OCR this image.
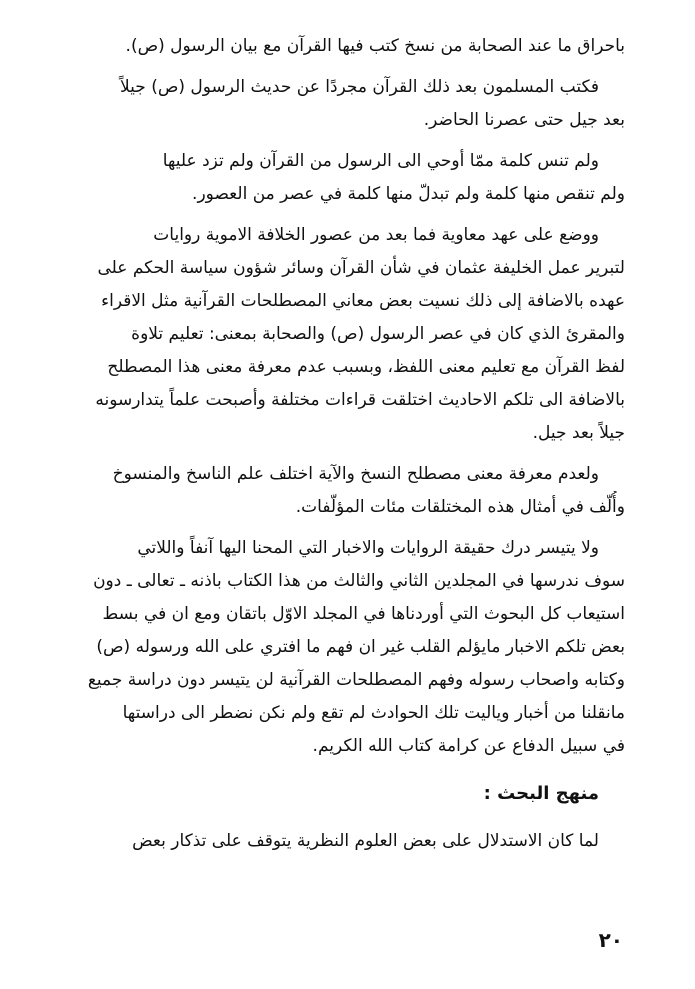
باحراق ما عند الصحابة من نسخ كتب فيها القرآن مع بيان الرسول (ص).
فكتب المسلمون بعد ذلك القرآن مجردًا عن حديث الرسول (ص) جيلاً
بعد جيل حتى عصرنا الحاضر.
ولم تنس كلمة ممّا أوحي الى الرسول من القرآن ولم تزد عليها
ولم تنقص منها كلمة ولم تبدلّ منها كلمة في عصر من العصور.
ووضع على عهد معاوية فما بعد من عصور الخلافة الاموية روايات
لتبرير عمل الخليفة عثمان في شأن القرآن وسائر شؤون سياسة الحكم على
عهده بالاضافة إلى ذلك نسيت بعض معاني المصطلحات القرآنية مثل الاقراء
والمقرئ الذي كان في عصر الرسول (ص) والصحابة بمعنى: تعليم تلاوة
لفظ القرآن مع تعليم معنى اللفظ، وبسبب عدم معرفة معنى هذا المصطلح
بالاضافة الى تلكم الاحاديث اختلقت قراءات مختلفة وأصبحت علماً يتدارسونه
جيلاً بعد جيل.
ولعدم معرفة معنى مصطلح النسخ والآية اختلف علم الناسخ والمنسوخ
وأُلّف في أمثال هذه المختلقات مئات المؤلّفات.
ولا يتيسر درك حقيقة الروايات والاخبار التي المحنا اليها آنفاً واللاتي
سوف ندرسها في المجلدين الثاني والثالث من هذا الكتاب باذنه ـ تعالى ـ دون
استيعاب كل البحوث التي أوردناها في المجلد الاوّل باتقان ومع ان في بسط
بعض تلكم الاخبار مايؤلم القلب غير ان فهم ما افتري على الله ورسوله (ص)
وكتابه واصحاب رسوله وفهم المصطلحات القرآنية لن يتيسر دون دراسة جميع
مانقلنا من أخبار وياليت تلك الحوادث لم تقع ولم نكن نضطر الى دراستها
في سبيل الدفاع عن كرامة كتاب الله الكريم.
منهج البحث :
لما كان الاستدلال على بعض العلوم النظرية يتوقف على تذكار بعض
٢٠
